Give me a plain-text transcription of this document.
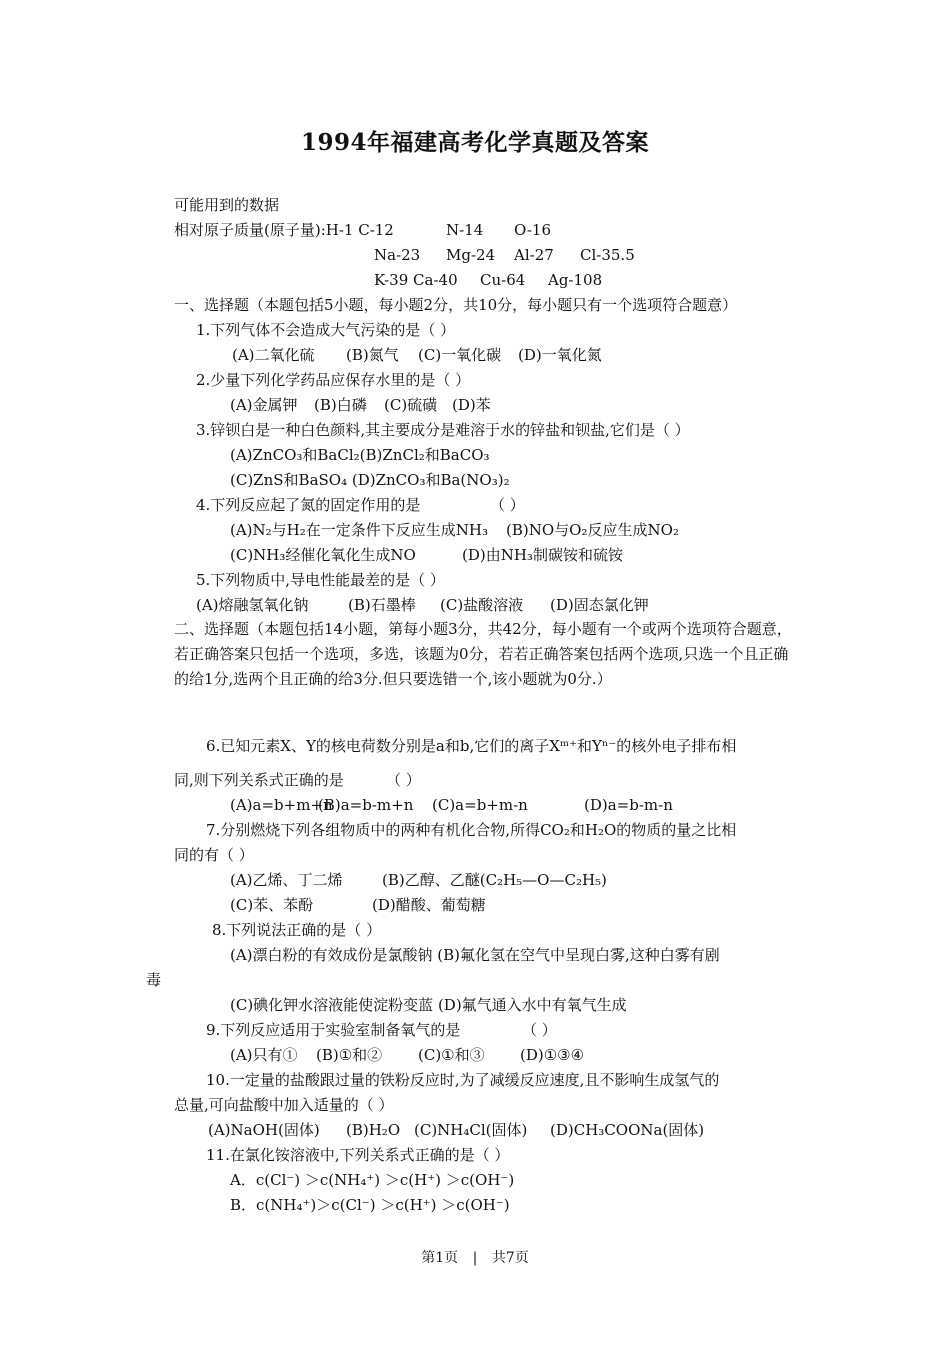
1994年福建高考化学真题及答案
可能用到的数据
相对原子质量(原子量):H-1 C-12	N-14 O-16
Na-23 Mg-24 Al-27 Cl-35.5
K-39 Ca-40 Cu-64 Ag-108
一、选择题（本题包括5小题，每小题2分，共10分，每小题只有一个选项符合题意）
1.下列气体不会造成大气污染的是（ ）
(A)二氧化硫 (B)氮气 (C)一氧化碳 (D)一氧化氮
2.少量下列化学药品应保存水里的是（ ）
(A)金属钾 (B)白磷 (C)硫磺 (D)苯
3.锌钡白是一种白色颜料,其主要成分是难溶于水的锌盐和钡盐,它们是（ ）
(A)ZnCO₃和BaCl₂(B)ZnCl₂和BaCO₃
(C)ZnS和BaSO₄ (D)ZnCO₃和Ba(NO₃)₂
4.下列反应起了氮的固定作用的是	（ ）
(A)N₂与H₂在一定条件下反应生成NH₃ (B)NO与O₂反应生成NO₂
(C)NH₃经催化氧化生成NO	(D)由NH₃制碳铵和硫铵
5.下列物质中,导电性能最差的是（ ）
(A)熔融氢氧化钠	(B)石墨棒 (C)盐酸溶液 (D)固态氯化钾
二、选择题（本题包括14小题，第每小题3分，共42分，每小题有一个或两个选项符合题意，若正确答案只包括一个选项，多选，该题为0分，若若正确答案包括两个选项,只选一个且正确的给1分,选两个且正确的给3分.但只要选错一个,该小题就为0分.）
6.已知元素X、Y的核电荷数分别是a和b,它们的离子Xᵐ⁺和Yⁿ⁻的核外电子排布相
同,则下列关系式正确的是	（ ）
(A)a=b+m+n
(B)a=b-m+n (C)a=b+m-n	(D)a=b-m-n
7.分别燃烧下列各组物质中的两种有机化合物,所得CO₂和H₂O的物质的量之比相
同的有（ ）
(A)乙烯、丁二烯	(B)乙醇、乙醚(C₂H₅—O—C₂H₅)
(C)苯、苯酚	(D)醋酸、葡萄糖
8.下列说法正确的是（ ）
(A)漂白粉的有效成份是氯酸钠 (B)氟化氢在空气中呈现白雾,这种白雾有剧
毒
(C)碘化钾水溶液能使淀粉变蓝 (D)氟气通入水中有氧气生成
9.下列反应适用于实验室制备氧气的是	（ ）
(A)只有① (B)①和② (C)①和③ (D)①③④
10.一定量的盐酸跟过量的铁粉反应时,为了减缓反应速度,且不影响生成氢气的
总量,可向盐酸中加入适量的（ ）
(A)NaOH(固体) (B)H₂O (C)NH₄Cl(固体) (D)CH₃COONa(固体)
11.在氯化铵溶液中,下列关系式正确的是（ ）
A．c(Cl⁻) ＞c(NH₄⁺) ＞c(H⁺) ＞c(OH⁻)
B．c(NH₄⁺)＞c(Cl⁻) ＞c(H⁺) ＞c(OH⁻)
第1页 | 共7页
